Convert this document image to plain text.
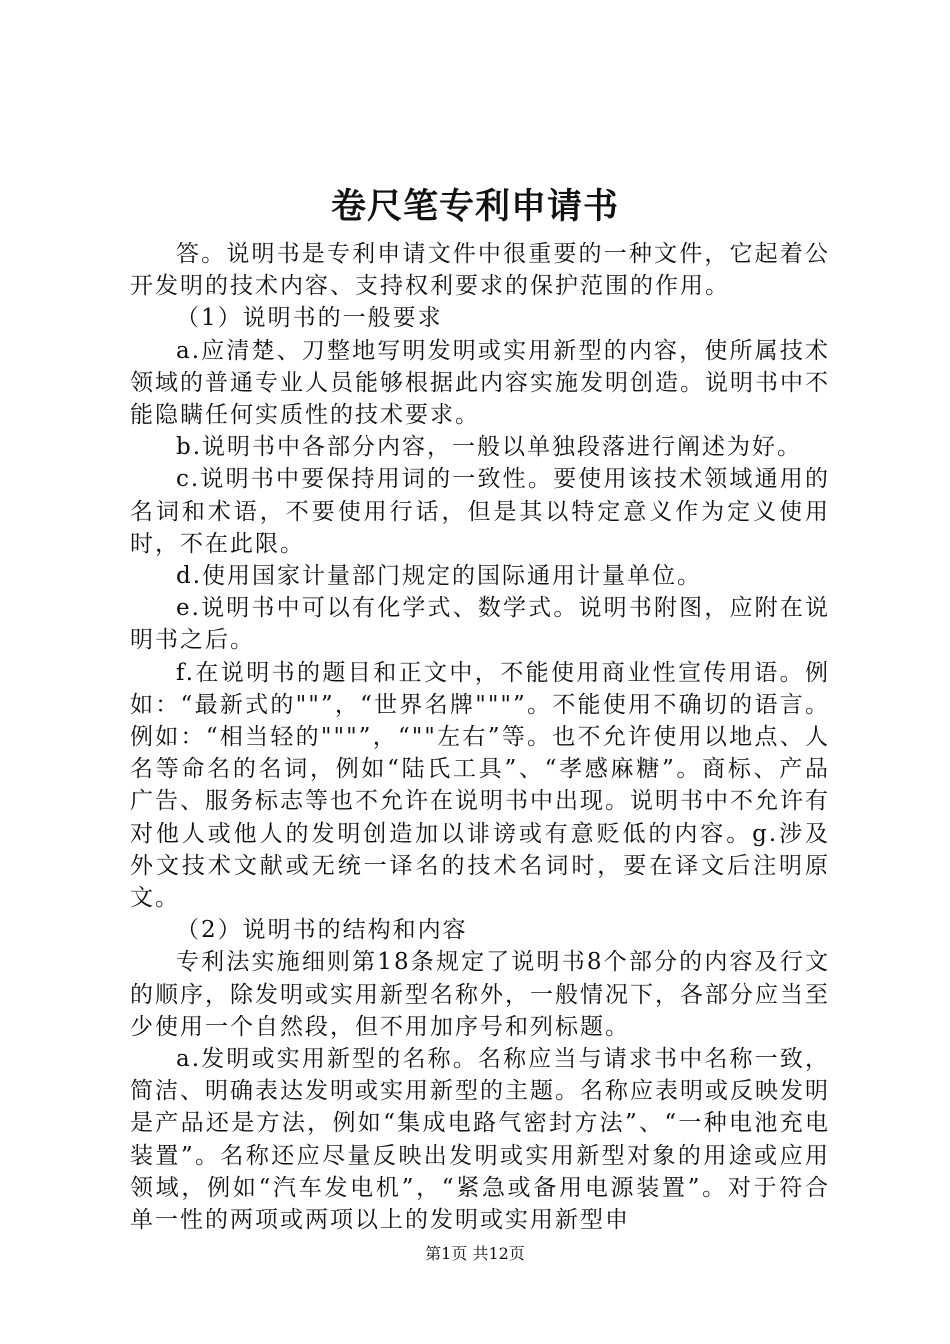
卷尺笔专利申请书

答。说明书是专利申请文件中很重要的一种文件，它起着公开发明的技术内容、支持权利要求的保护范围的作用。

（1）说明书的一般要求

a.应清楚、刀整地写明发明或实用新型的内容，使所属技术领域的普通专业人员能够根据此内容实施发明创造。说明书中不能隐瞒任何实质性的技术要求。

b.说明书中各部分内容，一般以单独段落进行阐述为好。

c.说明书中要保持用词的一致性。要使用该技术领域通用的名词和术语，不要使用行话，但是其以特定意义作为定义使用时，不在此限。

d.使用国家计量部门规定的国际通用计量单位。

e.说明书中可以有化学式、数学式。说明书附图，应附在说明书之后。

f.在说明书的题目和正文中，不能使用商业性宣传用语。例如：“最新式的""”，“世界名牌"""”。不能使用不确切的语言。例如：“相当轻的"""”，“""左右”等。也不允许使用以地点、人名等命名的名词，例如“陆氏工具”、“孝感麻糖”。商标、产品广告、服务标志等也不允许在说明书中出现。说明书中不允许有对他人或他人的发明创造加以诽谤或有意贬低的内容。g.涉及外文技术文献或无统一译名的技术名词时，要在译文后注明原文。

（2）说明书的结构和内容

专利法实施细则第18条规定了说明书8个部分的内容及行文的顺序，除发明或实用新型名称外，一般情况下，各部分应当至少使用一个自然段，但不用加序号和列标题。

a.发明或实用新型的名称。名称应当与请求书中名称一致，简洁、明确表达发明或实用新型的主题。名称应表明或反映发明是产品还是方法，例如“集成电路气密封方法”、“一种电池充电装置”。名称还应尽量反映出发明或实用新型对象的用途或应用领域，例如“汽车发电机”，“紧急或备用电源装置”。对于符合单一性的两项或两项以上的发明或实用新型申

第1页 共12页
